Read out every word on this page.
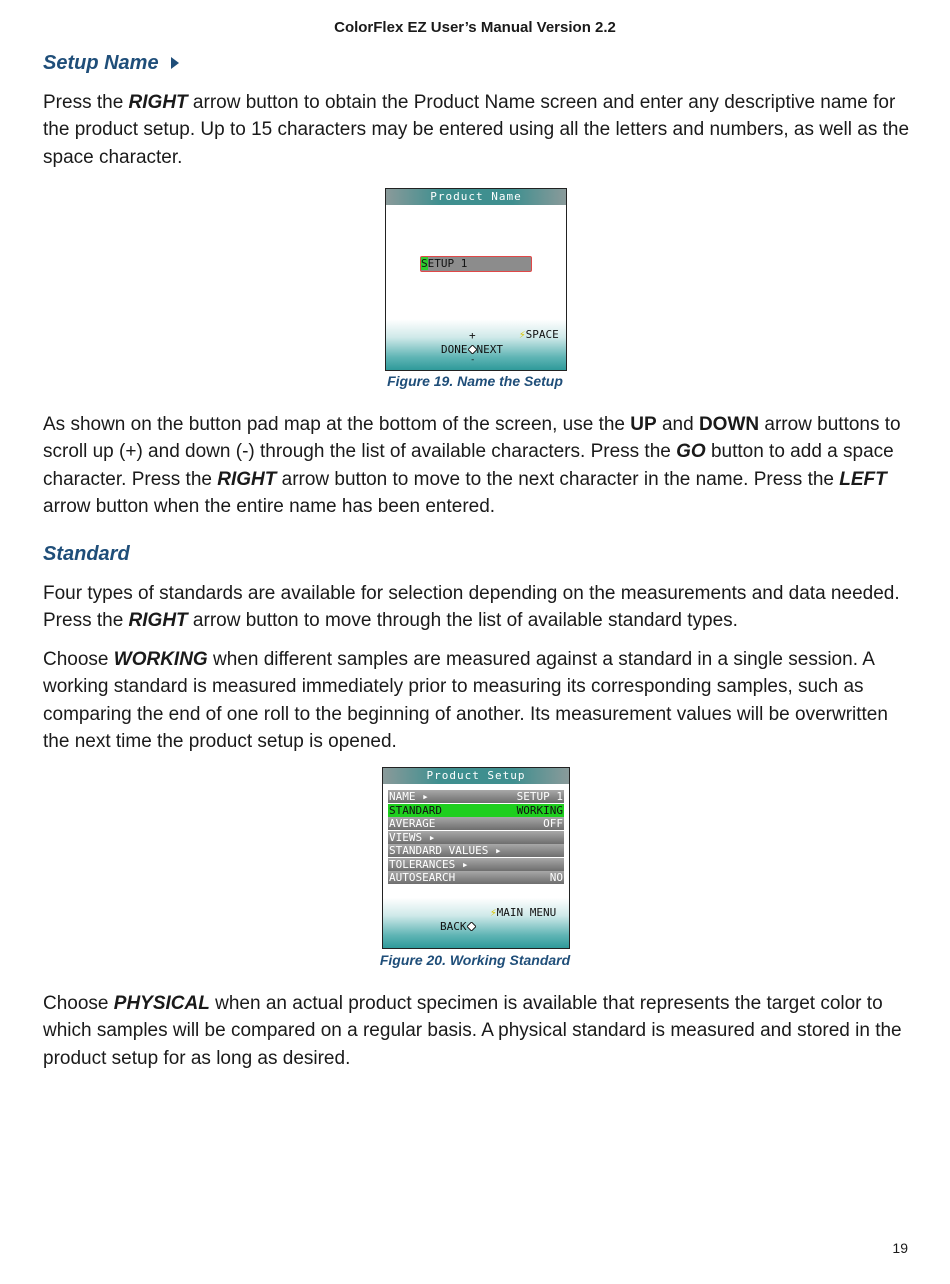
ColorFlex EZ User’s Manual Version 2.2
Setup Name
Press the RIGHT arrow button to obtain the Product Name screen and enter any descriptive name for the product setup. Up to 15 characters may be entered using all the letters and numbers, as well as the space character.
Product Name
SETUP 1
+	⚡SPACE
DONE NEXT
-
Figure 19. Name the Setup
As shown on the button pad map at the bottom of the screen, use the UP and DOWN arrow buttons to scroll up (+) and down (-) through the list of available characters. Press the GO button to add a space character. Press the RIGHT arrow button to move to the next character in the name. Press the LEFT arrow button when the entire name has been entered.
Standard
Four types of standards are available for selection depending on the measurements and data needed. Press the RIGHT arrow button to move through the list of available standard types.
Choose WORKING when different samples are measured against a standard in a single session. A working standard is measured immediately prior to measuring its corresponding samples, such as comparing the end of one roll to the beginning of another. Its measurement values will be overwritten the next time the product setup is opened.
Product Setup
NAME ▸	SETUP 1
STANDARD	WORKING
AVERAGE	OFF
VIEWS ▸
STANDARD VALUES ▸
TOLERANCES ▸
AUTOSEARCH	NO
⚡MAIN MENU
BACK
Figure 20. Working Standard
Choose PHYSICAL when an actual product specimen is available that represents the target color to which samples will be compared on a regular basis. A physical standard is measured and stored in the product setup for as long as desired.
19
